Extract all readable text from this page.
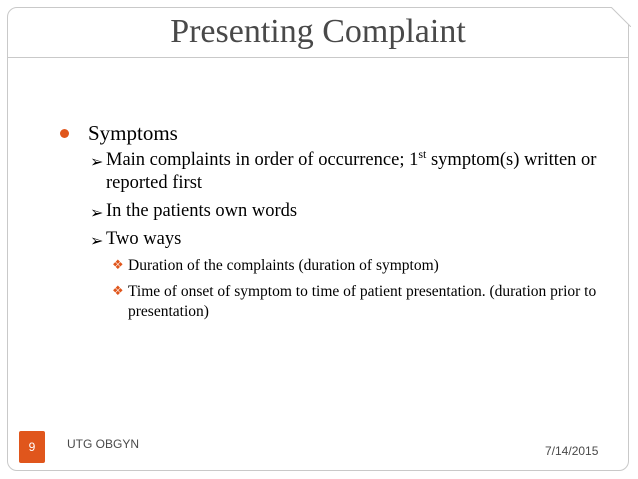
Presenting Complaint
Symptoms
➢ Main complaints in order of occurrence; 1st symptom(s) written or reported first
➢ In the patients own words
➢ Two ways
❖ Duration of the complaints (duration of symptom)
❖ Time of onset of symptom to time of patient presentation. (duration prior to presentation)
9	UTG OBGYN	7/14/2015
